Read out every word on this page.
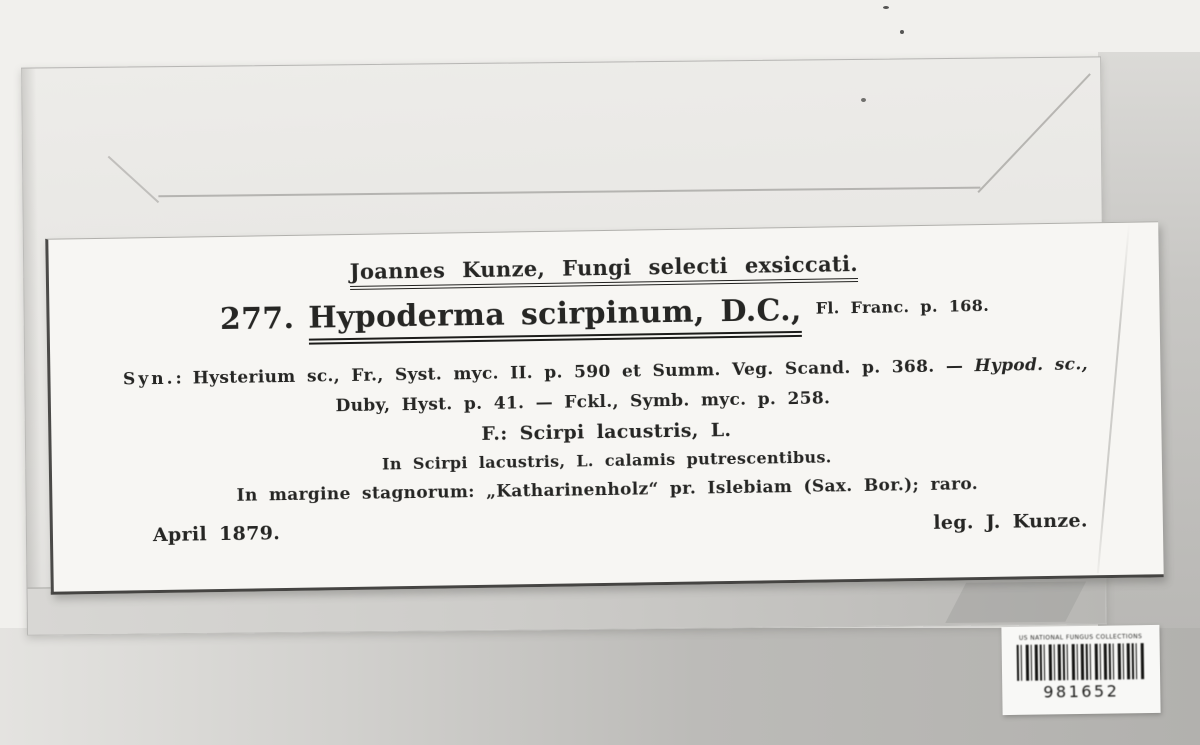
Joannes Kunze, Fungi selecti exsiccati.
277. Hypoderma scirpinum, D.C., $^{Fl. Franc. p. 168.}$
Syn.: Hysterium sc., Fr., Syst. myc. II. p. 590 et Summ. Veg. Scand. p. 368. — Hypod. sc.,
Duby, Hyst. p. 41. — Fckl., Symb. myc. p. 258.
F.: Scirpi lacustris, L.
In Scirpi lacustris, L. calamis putrescentibus.
In margine stagnorum: „Katharinenholz“ pr. Islebiam (Sax. Bor.); raro.
April 1879.
leg. J. Kunze.
US NATIONAL FUNGUS COLLECTIONS
981652
